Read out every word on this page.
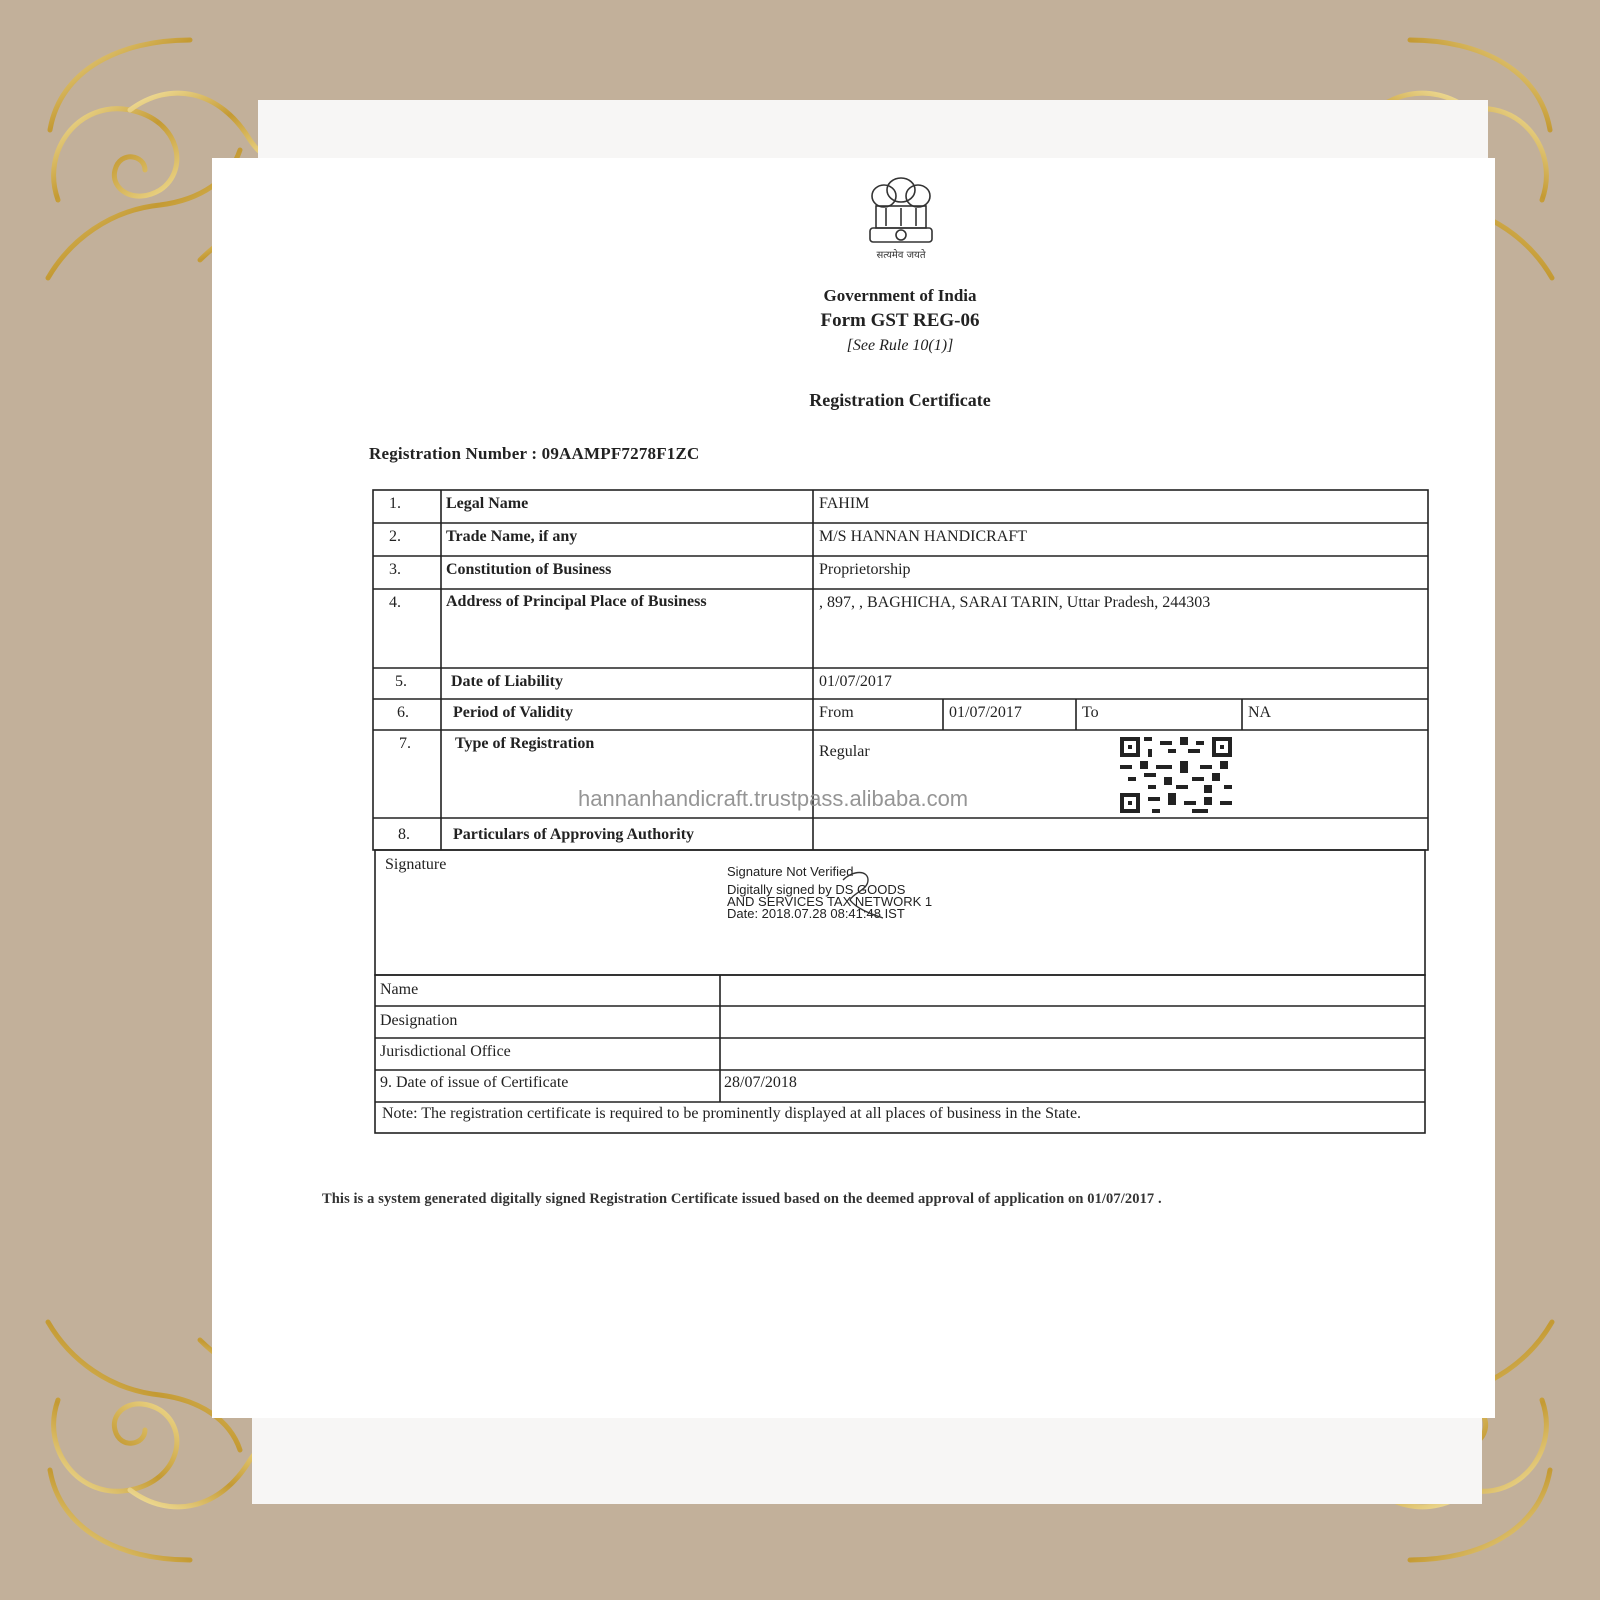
सत्यमेव जयते
Government of India
Form GST REG-06
[See Rule 10(1)]
Registration Certificate
Registration Number : 09AAMPF7278F1ZC
1.	Legal Name	FAHIM
2.	Trade Name, if any	M/S HANNAN HANDICRAFT
3.	Constitution of Business	Proprietorship
4.	Address of Principal Place of Business	, 897, , BAGHICHA, SARAI TARIN, Uttar Pradesh, 244303
5.	Date of Liability	01/07/2017
6.	Period of Validity	From	01/07/2017	To	NA
7.	Type of Registration	Regular
8.	Particulars of Approving Authority
Signature	Signature Not Verified
Digitally signed by DS GOODS
AND SERVICES TAX NETWORK 1
Date: 2018.07.28 08:41:48 IST
Name
Designation
Jurisdictional Office
9. Date of issue of Certificate	28/07/2018
Note: The registration certificate is required to be prominently displayed at all places of business in the State.
hannanhandicraft.trustpass.alibaba.com
This is a system generated digitally signed Registration Certificate issued based on the deemed approval of application on 01/07/2017 .
